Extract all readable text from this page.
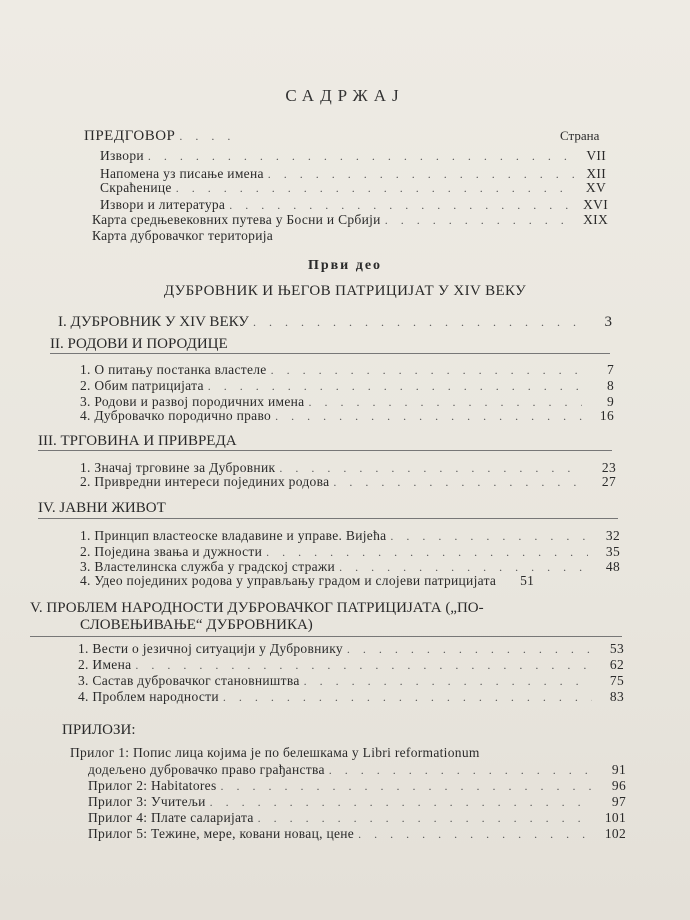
САДРЖАЈ
ПРЕДГОВОР . . .	Страна
Извори . . .	VII
Напомена уз писање имена . . .	XII
Скраћенице . . .	XV
Извори и литература . . .	XVI
Карта средњевековних путева у Босни и Србији . . .	XIX
Карта дубровачког територија
Први део
ДУБРОВНИК И ЊЕГОВ ПАТРИЦИЈАТ У XIV ВЕКУ
I. ДУБРОВНИК У XIV ВЕКУ . . .	3
II. РОДОВИ И ПОРОДИЦЕ
1. О питању постанка властеле . . .	7
2. Обим патрицијата . . .	8
3. Родови и развој породичних имена . . .	9
4. Дубровачко породично право . . .	16
III. ТРГОВИНА И ПРИВРЕДА
1. Значај трговине за Дубровник . . .	23
2. Привредни интереси појединих родова . . .	27
IV. ЈАВНИ ЖИВОТ
1. Принцип властеоске владавине и управе. Вијећа . . .	32
2. Појединa звања и дужности . . .	35
3. Властелинска служба у градској стражи . . .	48
4. Удео појединих родова у управљању градом и слојеви патрицијата	51
V. ПРОБЛЕМ НАРОДНОСТИ ДУБРОВАЧКОГ ПАТРИЦИЈАТА („ПО-
СЛОВЕЊИВАЊЕ“ ДУБРОВНИКА)
1. Вести о језичној ситуацији у Дубровнику . . .	53
2. Имена . . .	62
3. Састав дубровачког становништва . . .	75
4. Проблем народности . . .	83
ПРИЛОЗИ:
Прилог 1: Попис лица којима је по белешкама у Libri reformationum
додељено дубровачко право грађанства . . .	91
Прилог 2: Habitatores . . .	96
Прилог 3: Учитељи . . .	97
Прилог 4: Плате саларијата . . .	101
Прилог 5: Тежине, мере, ковани новац, цене . . .	102
